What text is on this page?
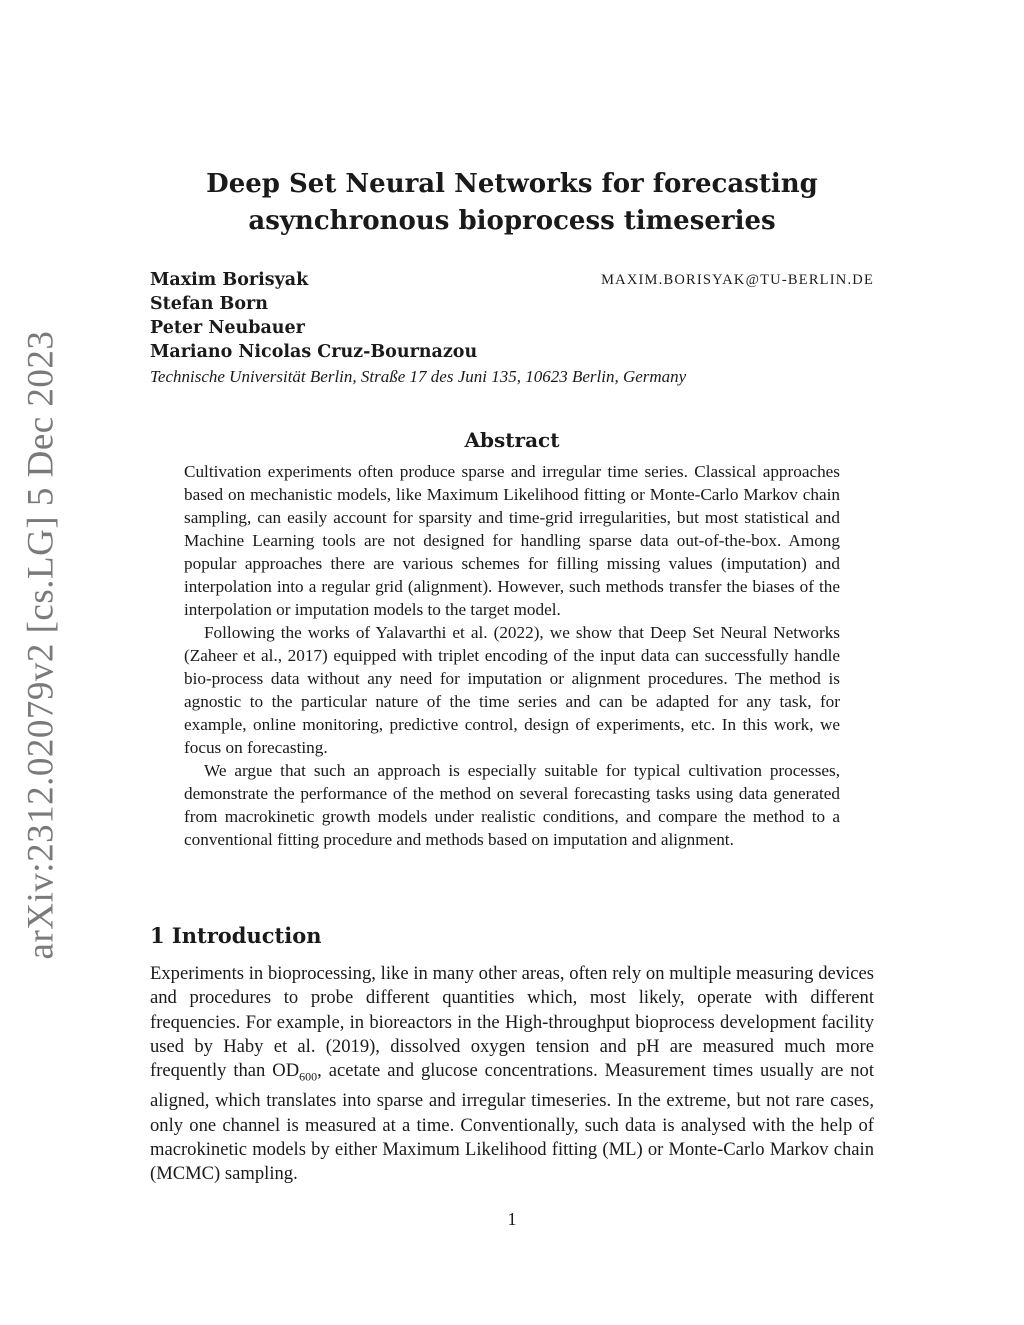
arXiv:2312.02079v2 [cs.LG] 5 Dec 2023
Deep Set Neural Networks for forecasting asynchronous bioprocess timeseries
Maxim Borisyak	MAXIM.BORISYAK@TU-BERLIN.DE
Stefan Born
Peter Neubauer
Mariano Nicolas Cruz-Bournazou
Technische Universität Berlin, Straße 17 des Juni 135, 10623 Berlin, Germany
Abstract

Cultivation experiments often produce sparse and irregular time series. Classical approaches based on mechanistic models, like Maximum Likelihood fitting or Monte-Carlo Markov chain sampling, can easily account for sparsity and time-grid irregularities, but most statistical and Machine Learning tools are not designed for handling sparse data out-of-the-box. Among popular approaches there are various schemes for filling missing values (imputation) and interpolation into a regular grid (alignment). However, such methods transfer the biases of the interpolation or imputation models to the target model.

Following the works of Yalavarthi et al. (2022), we show that Deep Set Neural Networks (Zaheer et al., 2017) equipped with triplet encoding of the input data can successfully handle bio-process data without any need for imputation or alignment procedures. The method is agnostic to the particular nature of the time series and can be adapted for any task, for example, online monitoring, predictive control, design of experiments, etc. In this work, we focus on forecasting.

We argue that such an approach is especially suitable for typical cultivation processes, demonstrate the performance of the method on several forecasting tasks using data generated from macrokinetic growth models under realistic conditions, and compare the method to a conventional fitting procedure and methods based on imputation and alignment.

1 Introduction

Experiments in bioprocessing, like in many other areas, often rely on multiple measuring devices and procedures to probe different quantities which, most likely, operate with different frequencies. For example, in bioreactors in the High-throughput bioprocess development facility used by Haby et al. (2019), dissolved oxygen tension and pH are measured much more frequently than $OD_{600}$, acetate and glucose concentrations. Measurement times usually are not aligned, which translates into sparse and irregular timeseries. In the extreme, but not rare cases, only one channel is measured at a time. Conventionally, such data is analysed with the help of macrokinetic models by either Maximum Likelihood fitting (ML) or Monte-Carlo Markov chain (MCMC) sampling.

1
